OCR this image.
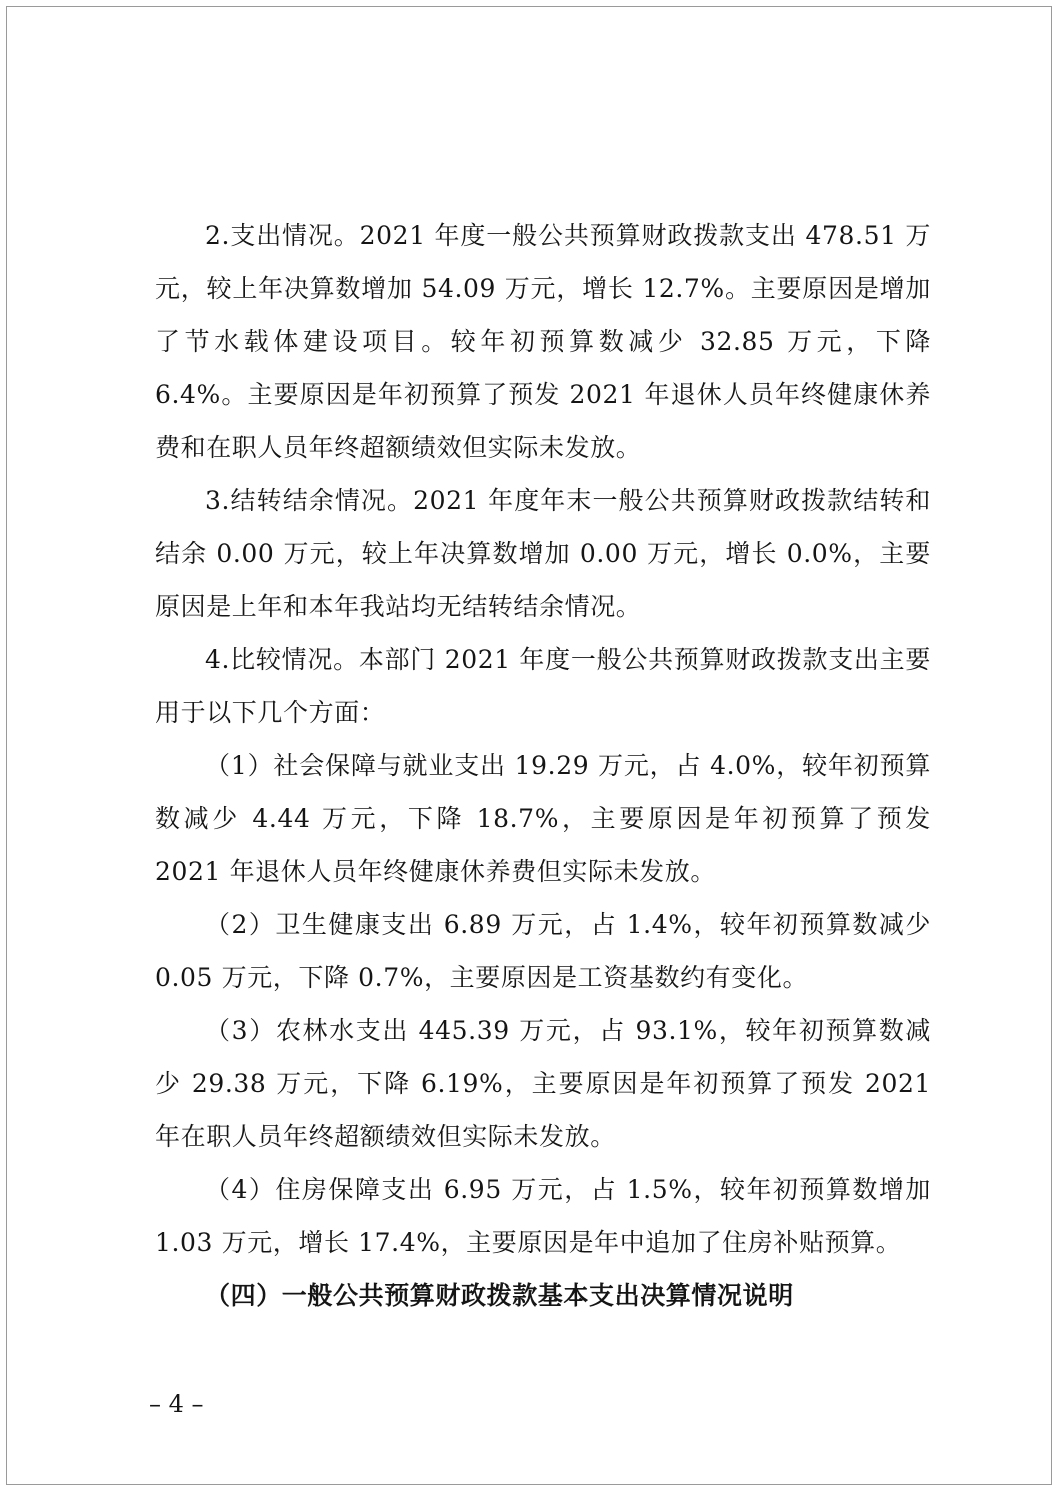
2.支出情况。2021 年度一般公共预算财政拨款支出 478.51 万元，较上年决算数增加 54.09 万元，增长 12.7%。主要原因是增加了节水载体建设项目。较年初预算数减少 32.85 万元，下降 6.4%。主要原因是年初预算了预发 2021 年退休人员年终健康休养费和在职人员年终超额绩效但实际未发放。

3.结转结余情况。2021 年度年末一般公共预算财政拨款结转和结余 0.00 万元，较上年决算数增加 0.00 万元，增长 0.0%，主要原因是上年和本年我站均无结转结余情况。

4.比较情况。本部门 2021 年度一般公共预算财政拨款支出主要用于以下几个方面：

（1）社会保障与就业支出 19.29 万元，占 4.0%，较年初预算数减少 4.44 万元，下降 18.7%，主要原因是年初预算了预发 2021 年退休人员年终健康休养费但实际未发放。

（2）卫生健康支出 6.89 万元，占 1.4%，较年初预算数减少 0.05 万元，下降 0.7%，主要原因是工资基数约有变化。

（3）农林水支出 445.39 万元，占 93.1%，较年初预算数减少 29.38 万元，下降 6.19%，主要原因是年初预算了预发 2021 年在职人员年终超额绩效但实际未发放。

（4）住房保障支出 6.95 万元，占 1.5%，较年初预算数增加 1.03 万元，增长 17.4%，主要原因是年中追加了住房补贴预算。

（四）一般公共预算财政拨款基本支出决算情况说明

– 4 –
